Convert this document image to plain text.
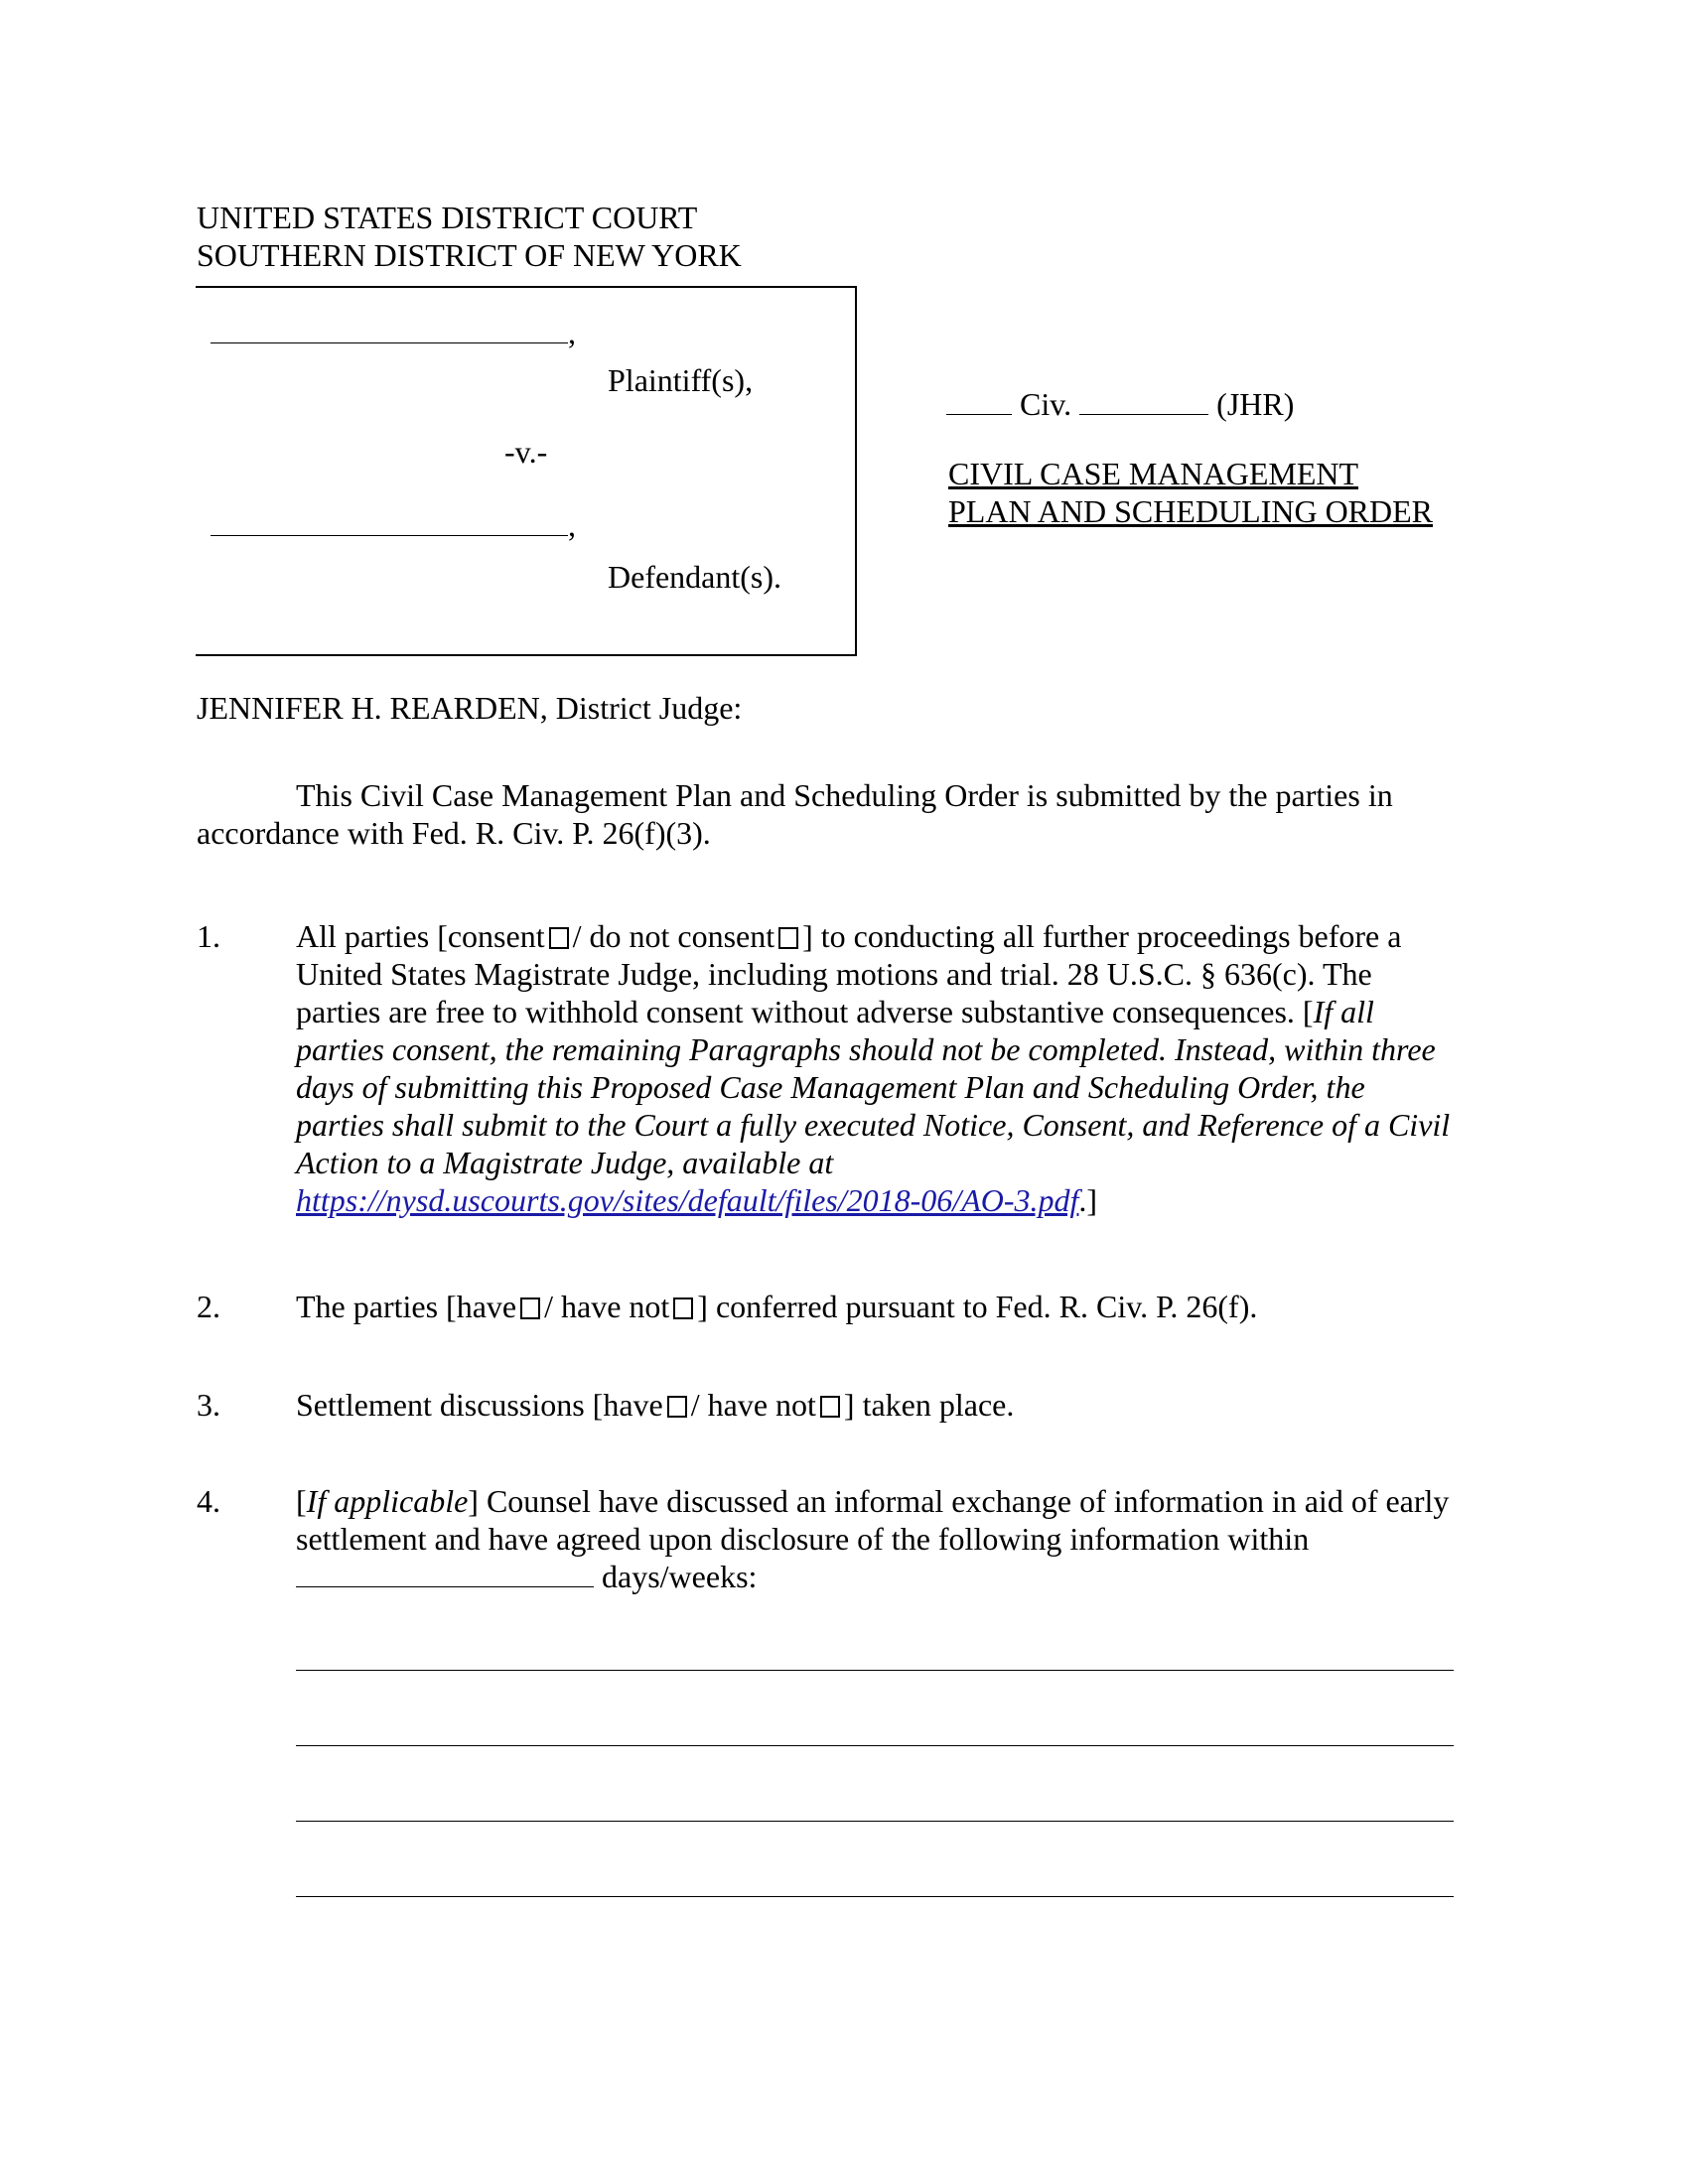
UNITED STATES DISTRICT COURT
SOUTHERN DISTRICT OF NEW YORK
,
Plaintiff(s),
-v.-
,
Defendant(s).
Civ.	(JHR)
CIVIL CASE MANAGEMENT
PLAN AND SCHEDULING ORDER
JENNIFER H. REARDEN, District Judge:
This Civil Case Management Plan and Scheduling Order is submitted by the parties in accordance with Fed. R. Civ. P. 26(f)(3).
1. All parties [consent / do not consent ] to conducting all further proceedings before a United States Magistrate Judge, including motions and trial. 28 U.S.C. § 636(c). The parties are free to withhold consent without adverse substantive consequences. [If all parties consent, the remaining Paragraphs should not be completed. Instead, within three days of submitting this Proposed Case Management Plan and Scheduling Order, the parties shall submit to the Court a fully executed Notice, Consent, and Reference of a Civil Action to a Magistrate Judge, available at
https://nysd.uscourts.gov/sites/default/files/2018-06/AO-3.pdf.]
2. The parties [have / have not ] conferred pursuant to Fed. R. Civ. P. 26(f).
3. Settlement discussions [have / have not ] taken place.
4. [If applicable] Counsel have discussed an informal exchange of information in aid of early settlement and have agreed upon disclosure of the following information within
days/weeks:
